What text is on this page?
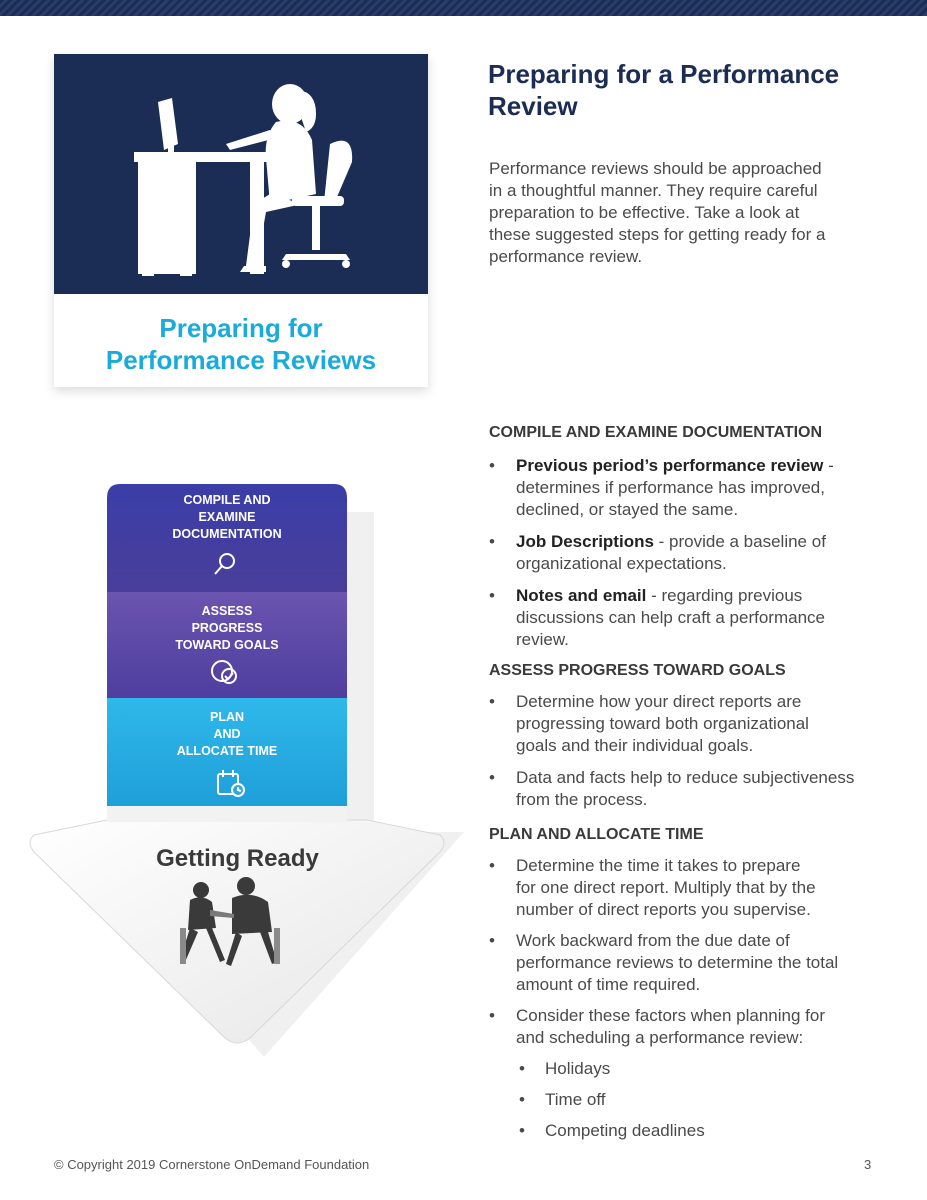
Preparing for
Performance Reviews
Preparing for a Performance
Review
Performance reviews should be approached
in a thoughtful manner. They require careful
preparation to be effective. Take a look at
these suggested steps for getting ready for a
performance review.
COMPILE AND
EXAMINE
DOCUMENTATION
ASSESS
PROGRESS
TOWARD GOALS
PLAN
AND
ALLOCATE TIME
Getting Ready
COMPILE AND EXAMINE DOCUMENTATION
• Previous period’s performance review -
determines if performance has improved,
declined, or stayed the same.
• Job Descriptions - provide a baseline of
organizational expectations.
• Notes and email - regarding previous
discussions can help craft a performance
review.
ASSESS PROGRESS TOWARD GOALS
• Determine how your direct reports are
progressing toward both organizational
goals and their individual goals.
• Data and facts help to reduce subjectiveness
from the process.
PLAN AND ALLOCATE TIME
• Determine the time it takes to prepare
for one direct report. Multiply that by the
number of direct reports you supervise.
• Work backward from the due date of
performance reviews to determine the total
amount of time required.
• Consider these factors when planning for
and scheduling a performance review:
• Holidays
• Time off
• Competing deadlines
© Copyright 2019 Cornerstone OnDemand Foundation	3
